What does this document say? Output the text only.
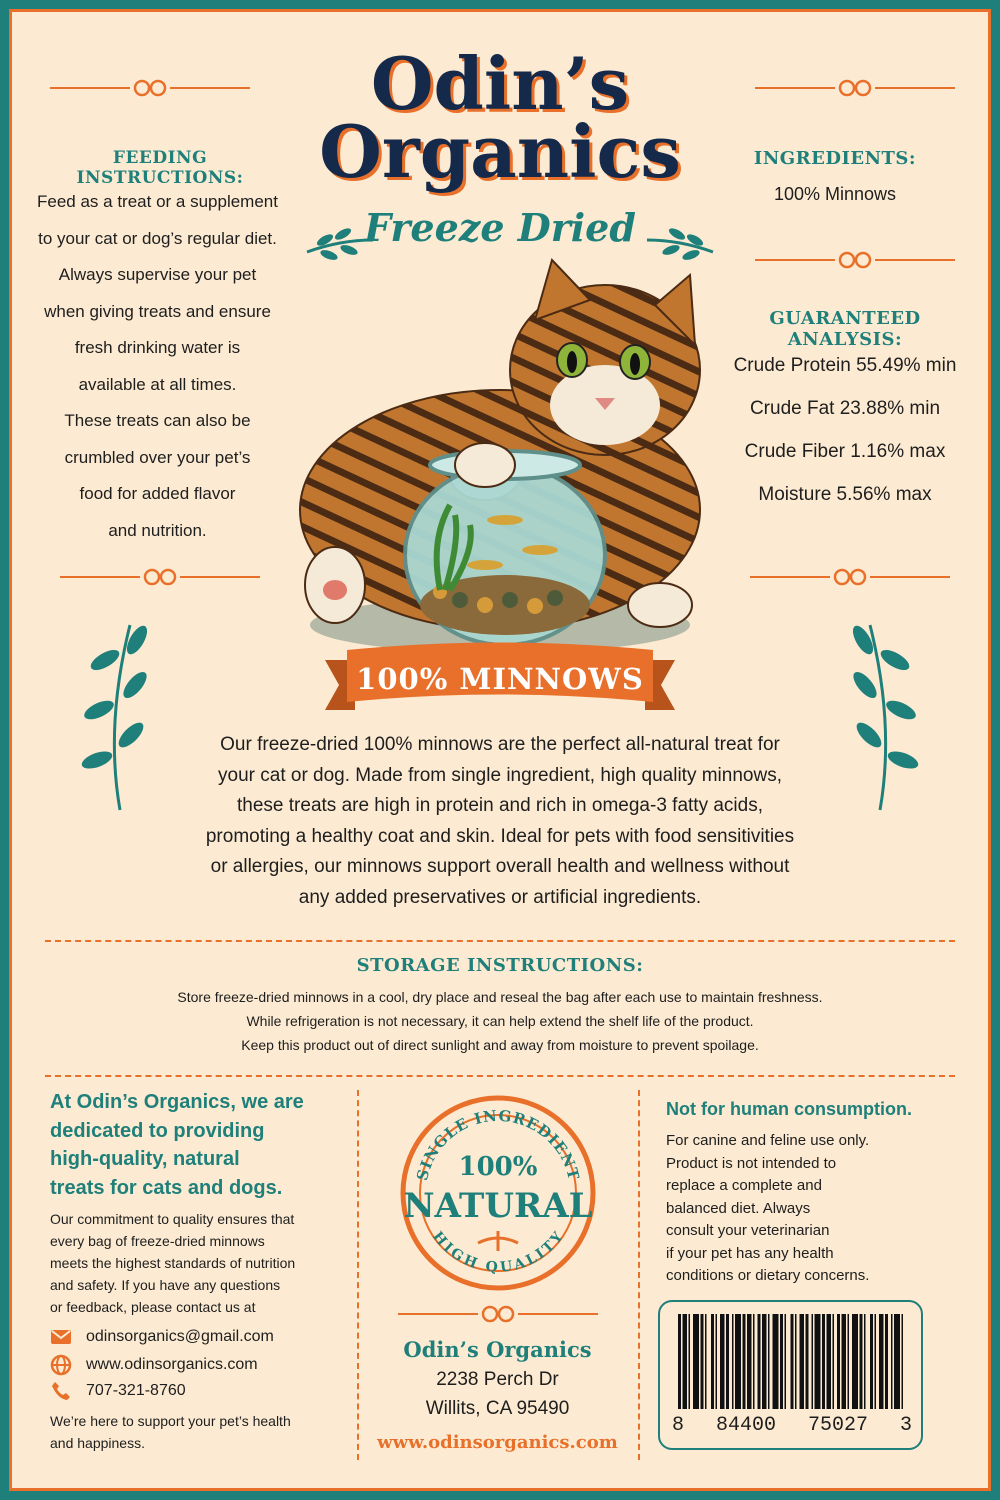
Odin’s
Organics
Freeze Dried
FEEDING INSTRUCTIONS:
Feed as a treat or a supplement
to your cat or dog’s regular diet.
Always supervise your pet
when giving treats and ensure
fresh drinking water is
available at all times.
These treats can also be
crumbled over your pet’s
food for added flavor
and nutrition.
INGREDIENTS:
100% Minnows
GUARANTEED ANALYSIS:
Crude Protein 55.49% min
Crude Fat 23.88% min
Crude Fiber 1.16% max
Moisture 5.56% max
100% MINNOWS
Our freeze-dried 100% minnows are the perfect all-natural treat for
your cat or dog. Made from single ingredient, high quality minnows,
these treats are high in protein and rich in omega-3 fatty acids,
promoting a healthy coat and skin. Ideal for pets with food sensitivities
or allergies, our minnows support overall health and wellness without
any added preservatives or artificial ingredients.
STORAGE INSTRUCTIONS:
Store freeze-dried minnows in a cool, dry place and reseal the bag after each use to maintain freshness.
While refrigeration is not necessary, it can help extend the shelf life of the product.
Keep this product out of direct sunlight and away from moisture to prevent spoilage.
At Odin’s Organics, we are
dedicated to providing
high-quality, natural
treats for cats and dogs.
Our commitment to quality ensures that
every bag of freeze-dried minnows
meets the highest standards of nutrition
and safety. If you have any questions
or feedback, please contact us at
odinsorganics@gmail.com
www.odinsorganics.com
707-321-8760
We’re here to support your pet’s health
and happiness.
SINGLE INGREDIENT
HIGH QUALITY
100%
NATURAL
Odin’s Organics
2238 Perch Dr
Willits, CA 95490
www.odinsorganics.com
Not for human consumption.
For canine and feline use only.
Product is not intended to
replace a complete and
balanced diet. Always
consult your veterinarian
if your pet has any health
conditions or dietary concerns.
8 84400 75027 3
